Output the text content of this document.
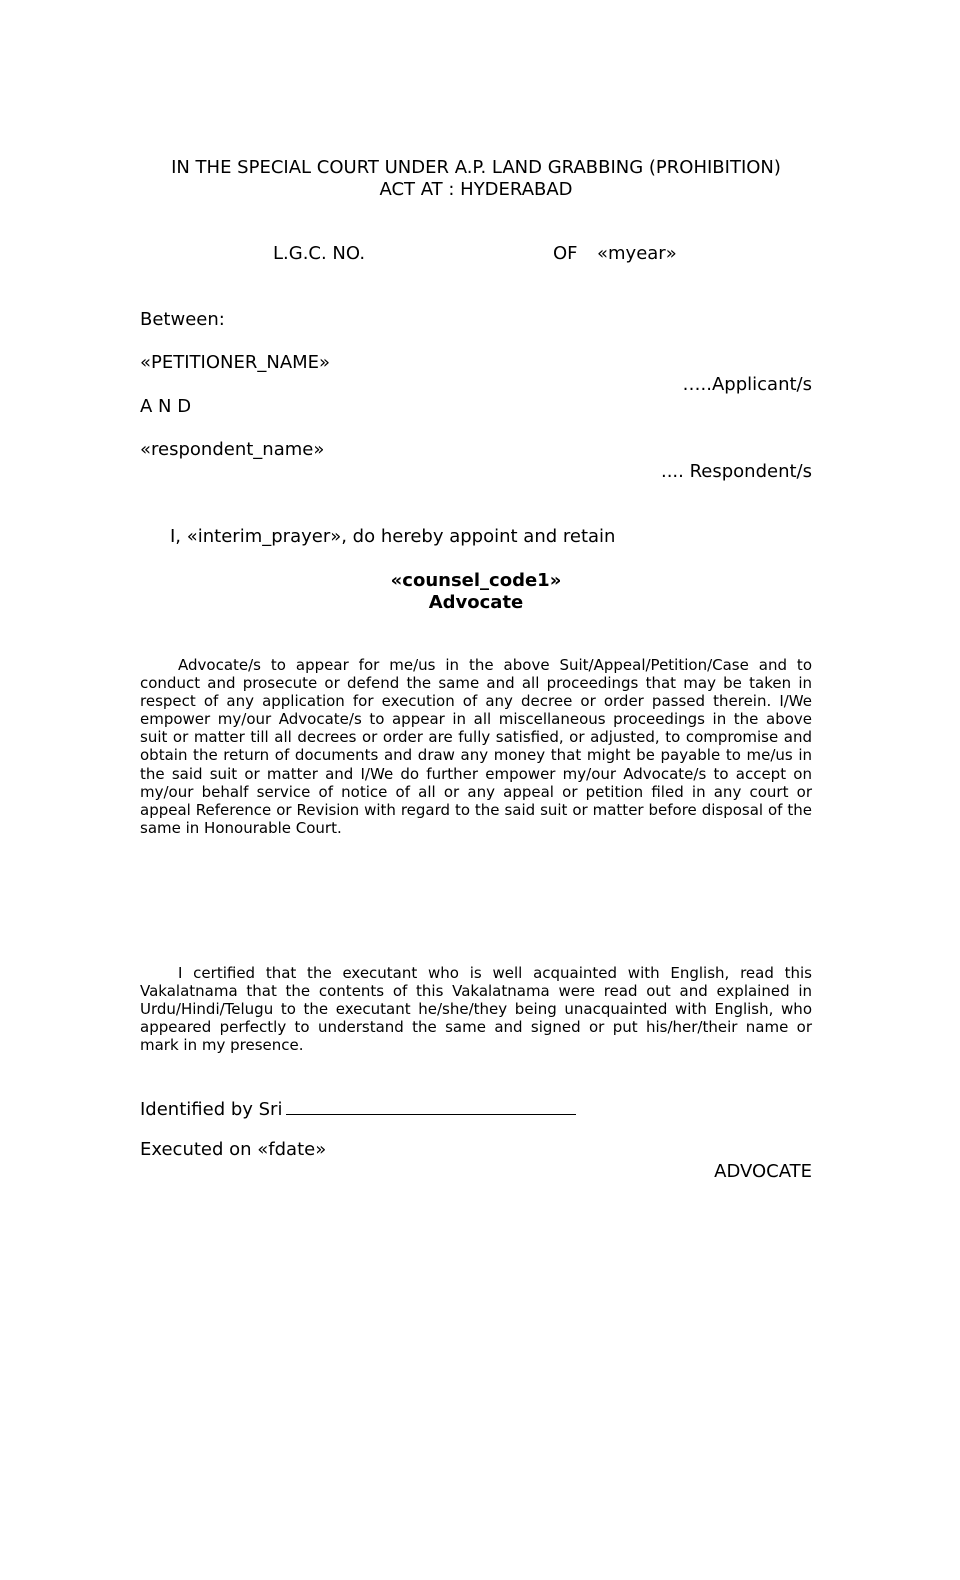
IN THE SPECIAL COURT UNDER A.P. LAND GRABBING (PROHIBITION)
ACT AT : HYDERABAD
L.G.C. NO.	OF «myear»
Between:
«PETITIONER_NAME»
…..Applicant/s
A N D
«respondent_name»
.... Respondent/s
I, «interim_prayer», do hereby appoint and retain
«counsel_code1»
Advocate

Advocate/s to appear for me/us in the above Suit/Appeal/Petition/Case and to conduct and prosecute or defend the same and all proceedings that may be taken in respect of any application for execution of any decree or order passed therein. I/We empower my/our Advocate/s to appear in all miscellaneous proceedings in the above suit or matter till all decrees or order are fully satisfied, or adjusted, to compromise and obtain the return of documents and draw any money that might be payable to me/us in the said suit or matter and I/We do further empower my/our Advocate/s to accept on my/our behalf service of notice of all or any appeal or petition filed in any court or appeal Reference or Revision with regard to the said suit or matter before disposal of the same in Honourable Court.

I certified that the executant who is well acquainted with English, read this Vakalatnama that the contents of this Vakalatnama were read out and explained in Urdu/Hindi/Telugu to the executant he/she/they being unacquainted with English, who appeared perfectly to understand the same and signed or put his/her/their name or mark in my presence.

Identified by Sri
Executed on «fdate»
ADVOCATE
